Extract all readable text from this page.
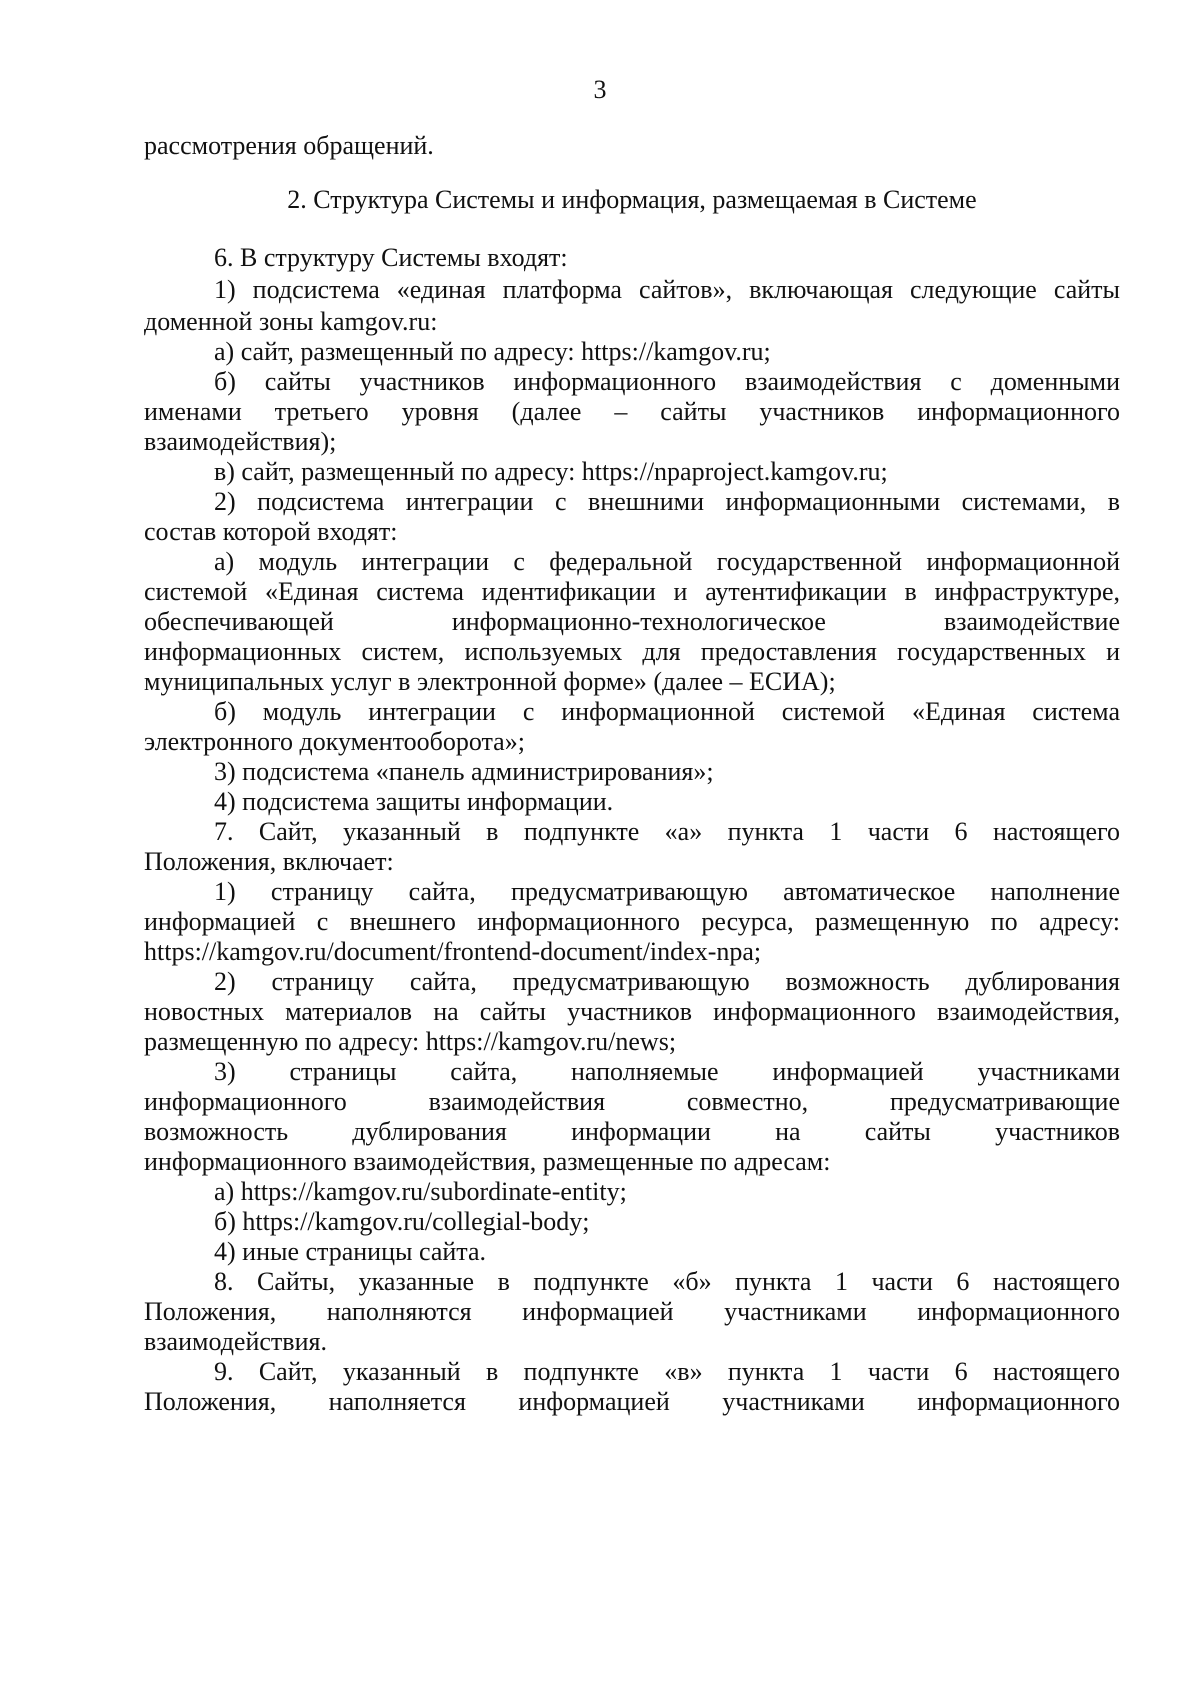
3
рассмотрения обращений.
2. Структура Системы и информация, размещаемая в Системе
6. В структуру Системы входят:
1) подсистема «единая платформа сайтов», включающая следующие сайты
доменной зоны kamgov.ru:
а) сайт, размещенный по адресу: https://kamgov.ru;
б) сайты участников информационного взаимодействия с доменными
именами третьего уровня (далее – сайты участников информационного
взаимодействия);
в) сайт, размещенный по адресу: https://npaproject.kamgov.ru;
2) подсистема интеграции с внешними информационными системами, в
состав которой входят:
а) модуль интеграции с федеральной государственной информационной
системой «Единая система идентификации и аутентификации в инфраструктуре,
обеспечивающей информационно-технологическое взаимодействие
информационных систем, используемых для предоставления государственных и
муниципальных услуг в электронной форме» (далее – ЕСИА);
б) модуль интеграции с информационной системой «Единая система
электронного документооборота»;
3) подсистема «панель администрирования»;
4) подсистема защиты информации.
7. Сайт, указанный в подпункте «а» пункта 1 части 6 настоящего
Положения, включает:
1) страницу сайта, предусматривающую автоматическое наполнение
информацией с внешнего информационного ресурса, размещенную по адресу:
https://kamgov.ru/document/frontend-document/index-npa;
2) страницу сайта, предусматривающую возможность дублирования
новостных материалов на сайты участников информационного взаимодействия,
размещенную по адресу: https://kamgov.ru/news;
3) страницы сайта, наполняемые информацией участниками
информационного взаимодействия совместно, предусматривающие
возможность дублирования информации на сайты участников
информационного взаимодействия, размещенные по адресам:
а) https://kamgov.ru/subordinate-entity;
б) https://kamgov.ru/collegial-body;
4) иные страницы сайта.
8. Сайты, указанные в подпункте «б» пункта 1 части 6 настоящего
Положения, наполняются информацией участниками информационного
взаимодействия.
9. Сайт, указанный в подпункте «в» пункта 1 части 6 настоящего
Положения, наполняется информацией участниками информационного
